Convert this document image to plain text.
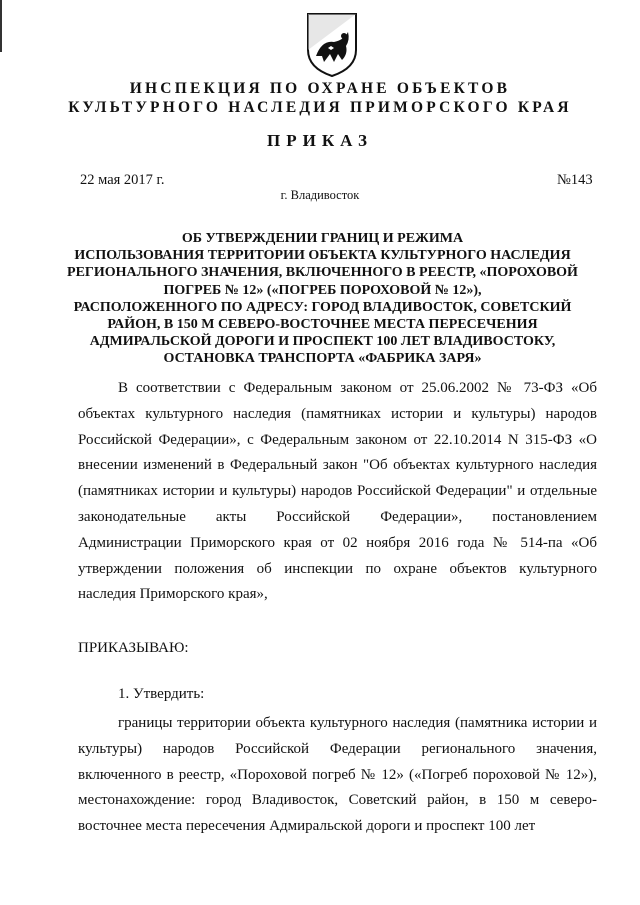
ИНСПЕКЦИЯ ПО ОХРАНЕ ОБЪЕКТОВ
КУЛЬТУРНОГО НАСЛЕДИЯ ПРИМОРСКОГО КРАЯ
ПРИКАЗ
22 мая 2017 г.	№143
г. Владивосток
ОБ УТВЕРЖДЕНИИ ГРАНИЦ И РЕЖИМА
ИСПОЛЬЗОВАНИЯ ТЕРРИТОРИИ ОБЪЕКТА КУЛЬТУРНОГО НАСЛЕДИЯ
РЕГИОНАЛЬНОГО ЗНАЧЕНИЯ, ВКЛЮЧЕННОГО В РЕЕСТР, «ПОРОХОВОЙ
ПОГРЕБ № 12» («ПОГРЕБ ПОРОХОВОЙ № 12»),
РАСПОЛОЖЕННОГО ПО АДРЕСУ: ГОРОД ВЛАДИВОСТОК, СОВЕТСКИЙ
РАЙОН, В 150 М СЕВЕРО-ВОСТОЧНЕЕ МЕСТА ПЕРЕСЕЧЕНИЯ
АДМИРАЛЬСКОЙ ДОРОГИ И ПРОСПЕКТ 100 ЛЕТ ВЛАДИВОСТОКУ,
ОСТАНОВКА ТРАНСПОРТА «ФАБРИКА ЗАРЯ»
В соответствии с Федеральным законом от 25.06.2002 № 73-ФЗ «Об объектах культурного наследия (памятниках истории и культуры) народов Российской Федерации», с Федеральным законом от 22.10.2014 N 315-ФЗ «О внесении изменений в Федеральный закон "Об объектах культурного наследия (памятниках истории и культуры) народов Российской Федерации" и отдельные законодательные акты Российской Федерации», постановлением Администрации Приморского края от 02 ноября 2016 года № 514-па «Об утверждении положения об инспекции по охране объектов культурного наследия Приморского края»,
ПРИКАЗЫВАЮ:
1. Утвердить:
границы территории объекта культурного наследия (памятника истории и культуры) народов Российской Федерации регионального значения, включенного в реестр, «Пороховой погреб № 12» («Погреб пороховой № 12»), местонахождение: город Владивосток, Советский район, в 150 м северо-восточнее места пересечения Адмиральской дороги и проспект 100 лет
